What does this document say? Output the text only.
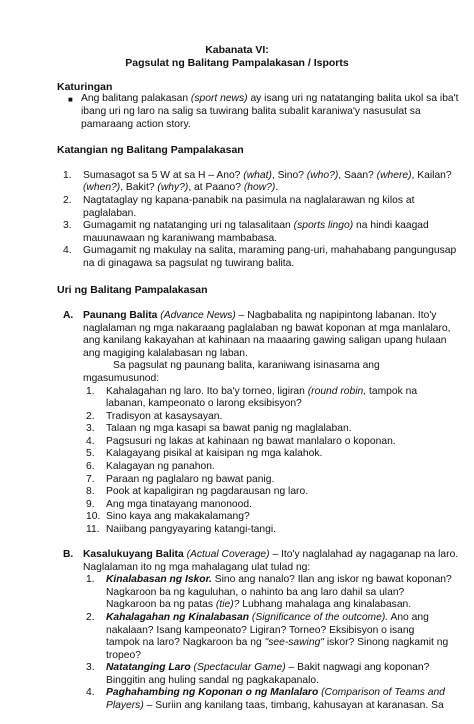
Kabanata VI:
Pagsulat ng Balitang Pampalakasan / Isports
Katuringan
■ Ang balitang palakasan (sport news) ay isang uri ng natatanging balita ukol sa iba't
ibang uri ng laro na salig sa tuwirang balita subalit karaniwa'y nasusulat sa
pamaraang action story.
Katangian ng Balitang Pampalakasan
1. Sumasagot sa 5 W at sa H – Ano? (what), Sino? (who?), Saan? (where), Kailan?
(when?), Bakit? (why?), at Paano? (how?).
2. Nagtataglay ng kapana-panabik na pasimula na naglalarawan ng kilos at
paglalaban.
3. Gumagamit ng natatanging uri ng talasalitaan (sports lingo) na hindi kaagad
mauunawaan ng karaniwang mambabasa.
4. Gumagamit ng makulay na salita, maraming pang-uri, mahahabang pangungusap
na di ginagawa sa pagsulat ng tuwirang balita.
Uri ng Balitang Pampalakasan
A. Paunang Balita (Advance News) – Nagbabalita ng napipintong labanan. Ito'y
naglalaman ng mga nakaraang paglalaban ng bawat koponan at mga manlalaro,
ang kanilang kakayahan at kahinaan na maaaring gawing saligan upang hulaan
ang magiging kalalabasan ng laban.
Sa pagsulat ng paunang balita, karaniwang isinasama ang
mgasumusunod:
1. Kahalagahan ng laro. Ito ba'y torneo, ligiran (round robin, tampok na
labanan, kampeonato o larong eksibisyon?
2. Tradisyon at kasaysayan.
3. Talaan ng mga kasapi sa bawat panig ng maglalaban.
4. Pagsusuri ng lakas at kahinaan ng bawat manlalaro o koponan.
5. Kalagayang pisikal at kaisipan ng mga kalahok.
6. Kalagayan ng panahon.
7. Paraan ng paglalaro ng bawat panig.
8. Pook at kapaligiran ng pagdarausan ng laro.
9. Ang mga tinatayang manonood.
10. Sino kaya ang makakalamang?
11. Naiibang pangyayaring katangi-tangi.
B. Kasalukuyang Balita (Actual Coverage) – Ito'y naglalahad ay nagaganap na laro.
Naglalaman ito ng mga mahalagang ulat tulad ng:
1. Kinalabasan ng Iskor. Sino ang nanalo? Ilan ang iskor ng bawat koponan?
Nagkaroon ba ng kaguluhan, o nahinto ba ang laro dahil sa ulan?
Nagkaroon ba ng patas (tie)? Lubhang mahalaga ang kinalabasan.
2. Kahalagahan ng Kinalabasan (Significance of the outcome). Ano ang
nakalaan? Isang kampeonato? Ligiran? Torneo? Eksibisyon o isang
tampok na laro? Nagkaroon ba ng "see-sawing" iskor? Sinong nagkamit ng
tropeo?
3. Natatanging Laro (Spectacular Game) – Bakit nagwagi ang koponan?
Binggitin ang huling sandal ng pagkakapanalo.
4. Paghahambing ng Koponan o ng Manlalaro (Comparison of Teams and
Players) – Suriin ang kanilang taas, timbang, kahusayan at karanasan. Sa
